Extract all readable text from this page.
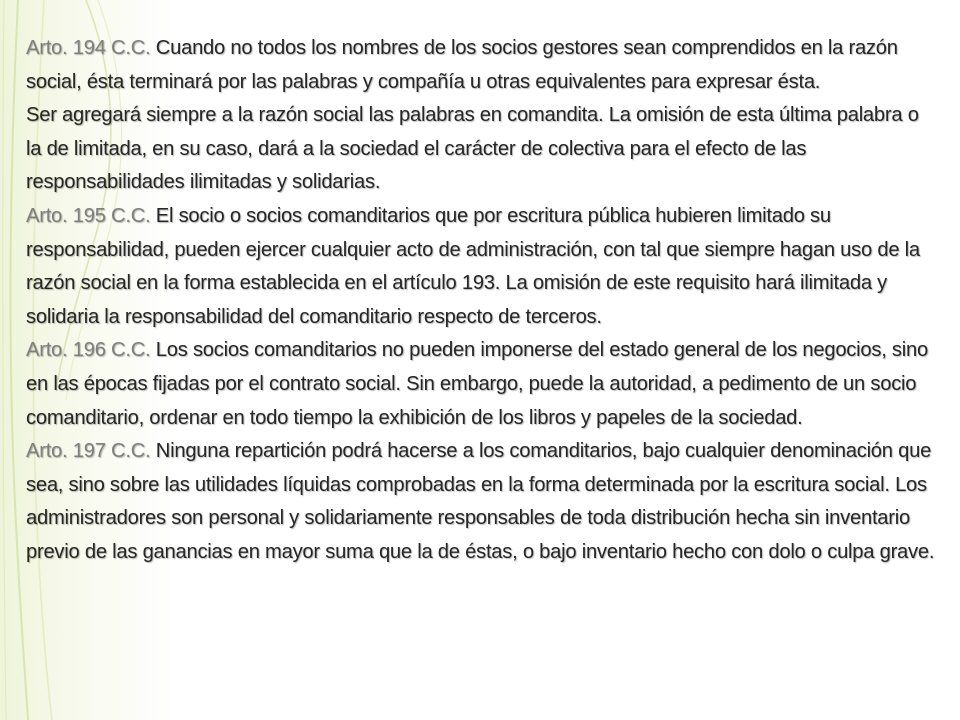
Arto. 194 C.C. Cuando no todos los nombres de los socios gestores sean comprendidos en la razón social, ésta terminará por las palabras y compañía u otras equivalentes para expresar ésta.

Ser agregará siempre a la razón social las palabras en comandita. La omisión de esta última palabra o la de limitada, en su caso, dará a la sociedad el carácter de colectiva para el efecto de las responsabilidades ilimitadas y solidarias.

Arto. 195 C.C. El socio o socios comanditarios que por escritura pública hubieren limitado su responsabilidad, pueden ejercer cualquier acto de administración, con tal que siempre hagan uso de la razón social en la forma establecida en el artículo 193. La omisión de este requisito hará ilimitada y solidaria la responsabilidad del comanditario respecto de terceros.

Arto. 196 C.C. Los socios comanditarios no pueden imponerse del estado general de los negocios, sino en las épocas fijadas por el contrato social. Sin embargo, puede la autoridad, a pedimento de un socio comanditario, ordenar en todo tiempo la exhibición de los libros y papeles de la sociedad.

Arto. 197 C.C. Ninguna repartición podrá hacerse a los comanditarios, bajo cualquier denominación que sea, sino sobre las utilidades líquidas comprobadas en la forma determinada por la escritura social. Los administradores son personal y solidariamente responsables de toda distribución hecha sin inventario previo de las ganancias en mayor suma que la de éstas, o bajo inventario hecho con dolo o culpa grave.
